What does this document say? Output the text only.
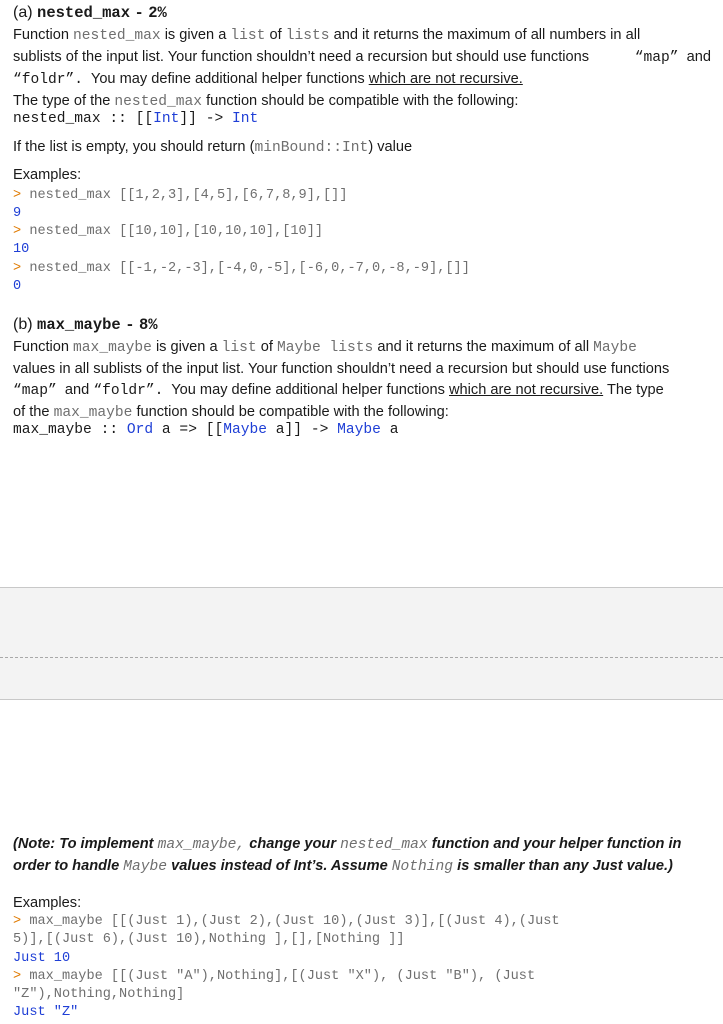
(a) nested_max - 2%
Function nested_max is given a list of lists and it returns the maximum of all numbers in all
sublists of the input list. Your function shouldn’t need a recursion but should use functions	“map” and
“foldr”. You may define additional helper functions which are not recursive.
The type of the nested_max function should be compatible with the following:
nested_max :: [[Int]] -> Int
If the list is empty, you should return (minBound::Int) value
Examples:
> nested_max [[1,2,3],[4,5],[6,7,8,9],[]]
9
> nested_max [[10,10],[10,10,10],[10]]
10
> nested_max [[-1,-2,-3],[-4,0,-5],[-6,0,-7,0,-8,-9],[]]
0
(b) max_maybe - 8%
Function max_maybe is given a list of Maybe lists and it returns the maximum of all Maybe
values in all sublists of the input list. Your function shouldn’t need a recursion but should use functions
“map” and “foldr”. You may define additional helper functions which are not recursive. The type
of the max_maybe function should be compatible with the following:
max_maybe :: Ord a => [[Maybe a]] -> Maybe a
(Note: To implement max_maybe, change your nested_max function and your helper function in
order to handle Maybe values instead of Int’s. Assume Nothing is smaller than any Just value.)
Examples:
> max_maybe [[(Just 1),(Just 2),(Just 10),(Just 3)],[(Just 4),(Just
5)],[(Just 6),(Just 10),Nothing ],[],[Nothing ]]
Just 10
> max_maybe [[(Just "A"),Nothing],[(Just "X"), (Just "B"), (Just
"Z"),Nothing,Nothing]
Just "Z"
